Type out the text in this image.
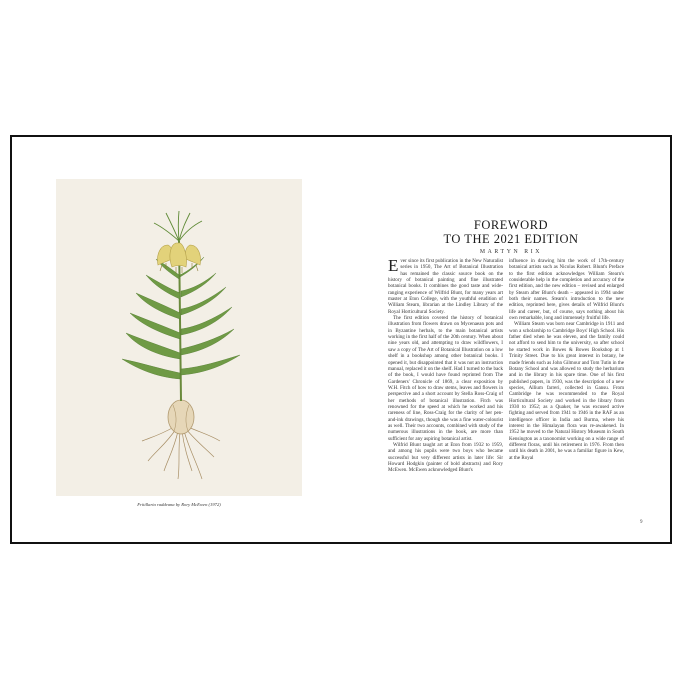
Fritillaria raddeana by Rory McEwen (1972)
FOREWORD
TO THE 2021 EDITION
MARTYN RIX

Ever since its first publication in the New Naturalist series in 1950, The Art of Botanical Illustration has remained the classic source book on the history of botanical painting and fine illustrated botanical books. It combines the good taste and wide-ranging experience of Wilfrid Blunt, for many years art master at Eton College, with the youthful erudition of William Stearn, librarian at the Lindley Library of the Royal Horticultural Society.

The first edition covered the history of botanical illustration from flowers drawn on Mycenaean pots and in Byzantine herbals, to the main botanical artists working in the first half of the 20th century. When about nine years old, and attempting to draw wildflowers, I saw a copy of The Art of Botanical Illustration on a low shelf in a bookshop among other botanical books. I opened it, but disappointed that it was not an instruction manual, replaced it on the shelf. Had I turned to the back of the book, I would have found reprinted from The Gardeners' Chronicle of 1869, a clear exposition by W.H. Fitch of how to draw stems, leaves and flowers in perspective and a short account by Stella Ross-Craig of her methods of botanical illustration. Fitch was renowned for the speed at which he worked and his rareness of line, Ross-Craig for the clarity of her pen-and-ink drawings, though she was a fine water-colourist as well. Their two accounts, combined with study of the numerous illustrations in the book, are more than sufficient for any aspiring botanical artist.

Wilfrid Blunt taught art at Eton from 1932 to 1959, and among his pupils were two boys who became successful but very different artists in later life: Sir Howard Hodgkin (painter of bold abstracts) and Rory McEwen. McEwen acknowledged Blunt's

influence in drawing him the work of 17th-century botanical artists such as Nicolas Robert. Blunt's Preface to the first edition acknowledges William Stearn's considerable help in the completion and accuracy of the first edition, and the new edition – revised and enlarged by Stearn after Blunt's death – appeared in 1994 under both their names. Stearn's introduction to the new edition, reprinted here, gives details of Wilfrid Blunt's life and career, but, of course, says nothing about his own remarkable, long and immensely fruitful life.

William Stearn was born near Cambridge in 1911 and won a scholarship to Cambridge Boys' High School. His father died when he was eleven, and the family could not afford to send him to the university, so after school he started work in Bowes & Bowes Bookshop at 1 Trinity Street. Due to his great interest in botany, he made friends such as John Gilmour and Tom Tutin in the Botany School and was allowed to study the herbarium and in the library in his spare time. One of his first published papers, in 1930, was the description of a new species, Allium farreri, collected in Gansu. From Cambridge he was recommended to the Royal Horticultural Society and worked in the library from 1930 to 1952; as a Quaker, he was excused active fighting and served from 1941 to 1946 in the RAF as an intelligence officer in India and Burma, where his interest in the Himalayan flora was re-awakened. In 1952 he moved to the Natural History Museum in South Kensington as a taxonomist working on a wide range of different floras, until his retirement in 1976. From then until his death in 2001, he was a familiar figure in Kew, at the Royal

9
